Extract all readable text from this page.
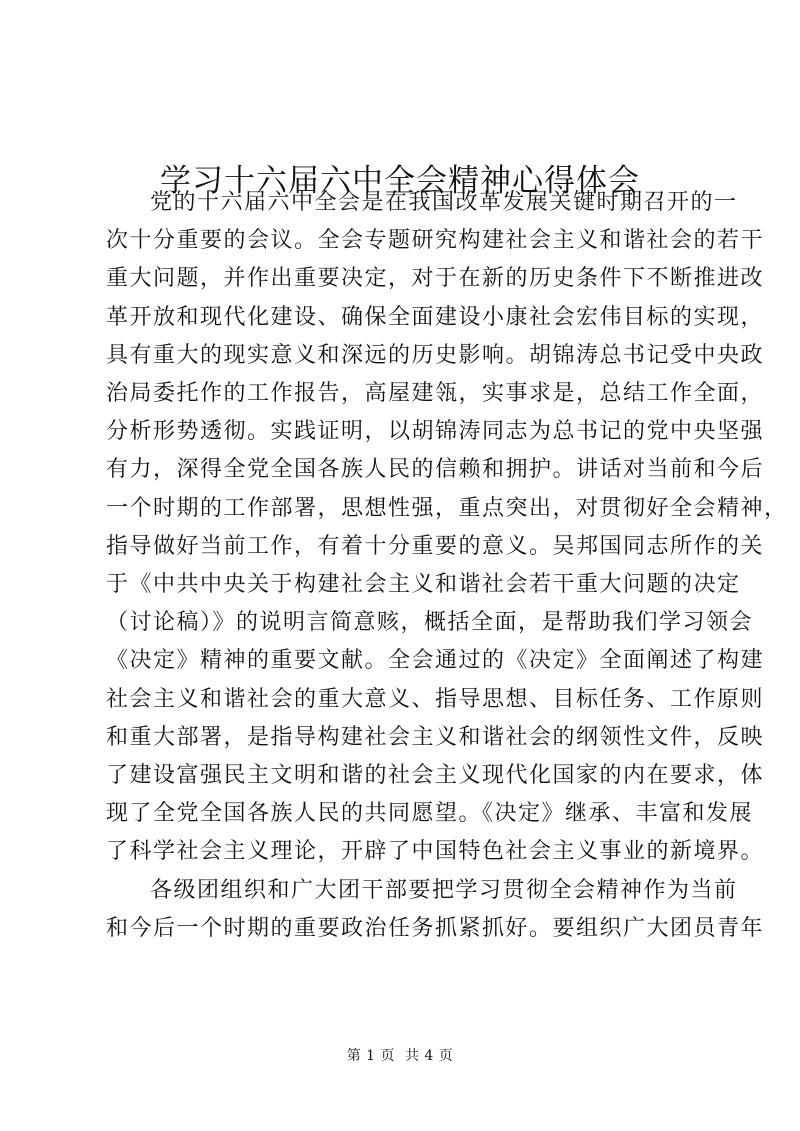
学习十六届六中全会精神心得体会

党的十六届六中全会是在我国改革发展关键时期召开的一
次十分重要的会议。全会专题研究构建社会主义和谐社会的若干
重大问题，并作出重要决定，对于在新的历史条件下不断推进改
革开放和现代化建设、确保全面建设小康社会宏伟目标的实现，
具有重大的现实意义和深远的历史影响。胡锦涛总书记受中央政
治局委托作的工作报告，高屋建瓴，实事求是，总结工作全面，
分析形势透彻。实践证明，以胡锦涛同志为总书记的党中央坚强
有力，深得全党全国各族人民的信赖和拥护。讲话对当前和今后
一个时期的工作部署，思想性强，重点突出，对贯彻好全会精神，
指导做好当前工作，有着十分重要的意义。吴邦国同志所作的关
于《中共中央关于构建社会主义和谐社会若干重大问题的决定
（讨论稿）》的说明言简意赅，概括全面，是帮助我们学习领会
《决定》精神的重要文献。全会通过的《决定》全面阐述了构建
社会主义和谐社会的重大意义、指导思想、目标任务、工作原则
和重大部署，是指导构建社会主义和谐社会的纲领性文件，反映
了建设富强民主文明和谐的社会主义现代化国家的内在要求，体
现了全党全国各族人民的共同愿望。《决定》继承、丰富和发展
了科学社会主义理论，开辟了中国特色社会主义事业的新境界。

各级团组织和广大团干部要把学习贯彻全会精神作为当前
和今后一个时期的重要政治任务抓紧抓好。要组织广大团员青年

第 1 页  共 4 页
